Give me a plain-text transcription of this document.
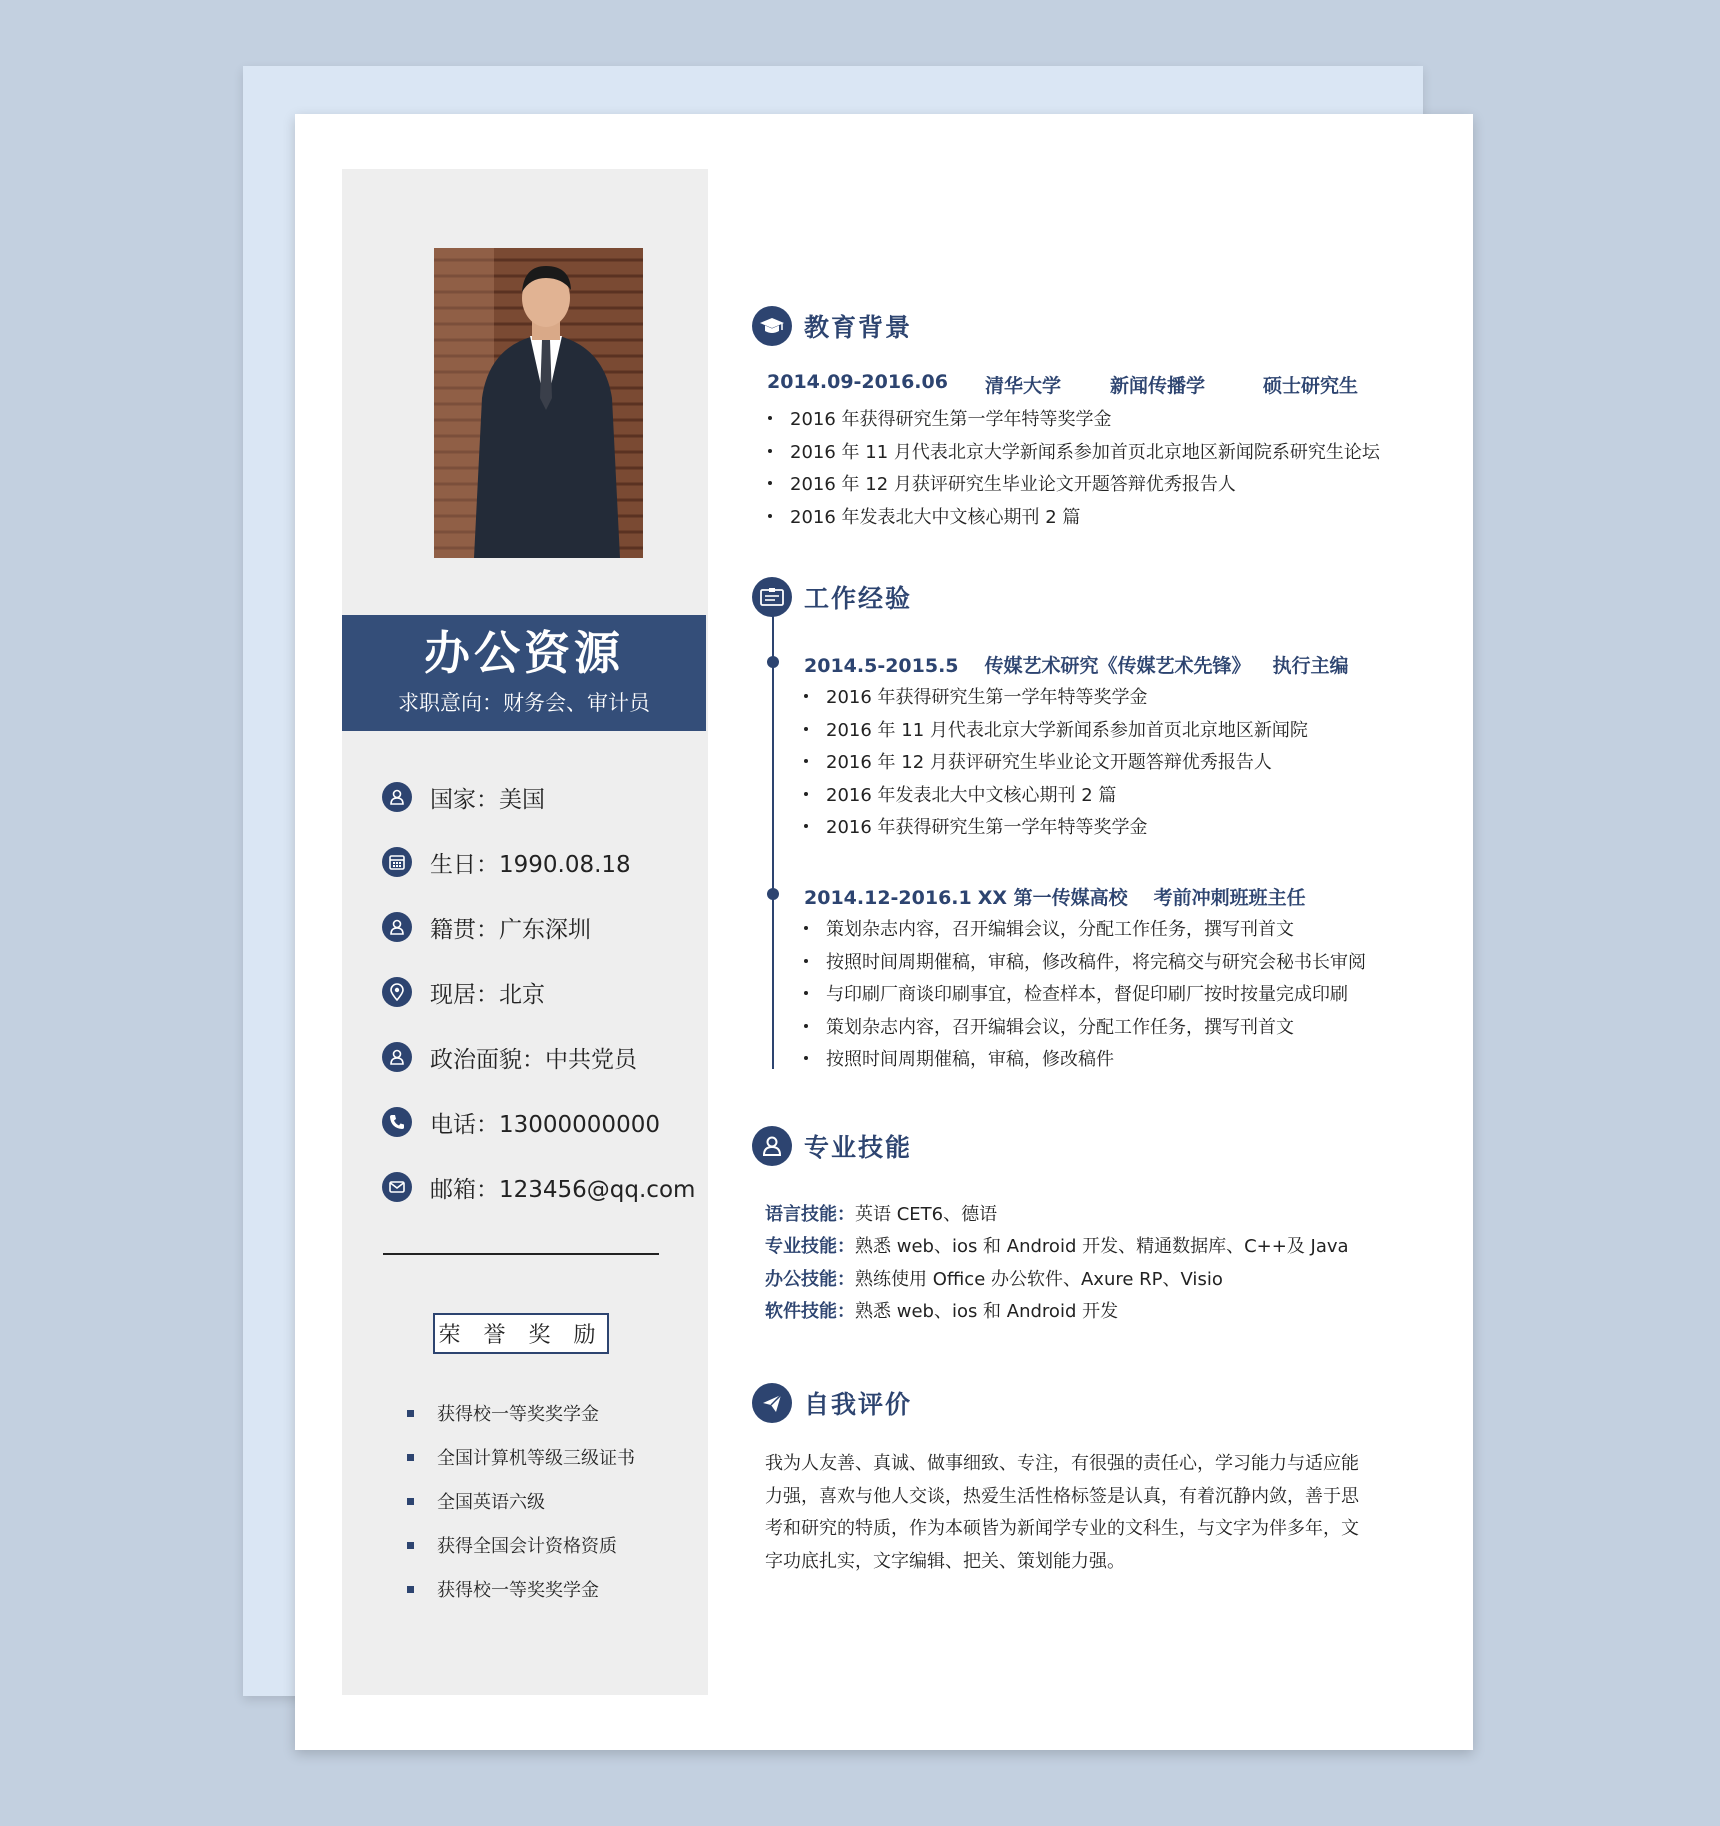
办公资源
求职意向：财务会、审计员
国家：美国
生日：1990.08.18
籍贯：广东深圳
现居：北京
政治面貌：中共党员
电话：13000000000
邮箱：123456@qq.com
荣 誉 奖 励
获得校一等奖奖学金
全国计算机等级三级证书
全国英语六级
获得全国会计资格资质
获得校一等奖奖学金
教育背景
2014.09-2016.06	清华大学	新闻传播学	硕士研究生
2016 年获得研究生第一学年特等奖学金
2016 年 11 月代表北京大学新闻系参加首页北京地区新闻院系研究生论坛
2016 年 12 月获评研究生毕业论文开题答辩优秀报告人
2016 年发表北大中文核心期刊 2 篇
工作经验
2014.5-2015.5 传媒艺术研究《传媒艺术先锋》 执行主编
2016 年获得研究生第一学年特等奖学金
2016 年 11 月代表北京大学新闻系参加首页北京地区新闻院
2016 年 12 月获评研究生毕业论文开题答辩优秀报告人
2016 年发表北大中文核心期刊 2 篇
2016 年获得研究生第一学年特等奖学金
2014.12-2016.1 XX 第一传媒高校 考前冲刺班班主任
策划杂志内容，召开编辑会议，分配工作任务，撰写刊首文
按照时间周期催稿，审稿，修改稿件，将完稿交与研究会秘书长审阅
与印刷厂商谈印刷事宜，检查样本，督促印刷厂按时按量完成印刷
策划杂志内容，召开编辑会议，分配工作任务，撰写刊首文
按照时间周期催稿，审稿，修改稿件
专业技能
语言技能：英语 CET6、德语
专业技能：熟悉 web、ios 和 Android 开发、精通数据库、C++及 Java
办公技能：熟练使用 Office 办公软件、Axure RP、Visio
软件技能：熟悉 web、ios 和 Android 开发
自我评价
我为人友善、真诚、做事细致、专注，有很强的责任心，学习能力与适应能力强，喜欢与他人交谈，热爱生活性格标签是认真，有着沉静内敛，善于思考和研究的特质，作为本硕皆为新闻学专业的文科生，与文字为伴多年，文字功底扎实，文字编辑、把关、策划能力强。
